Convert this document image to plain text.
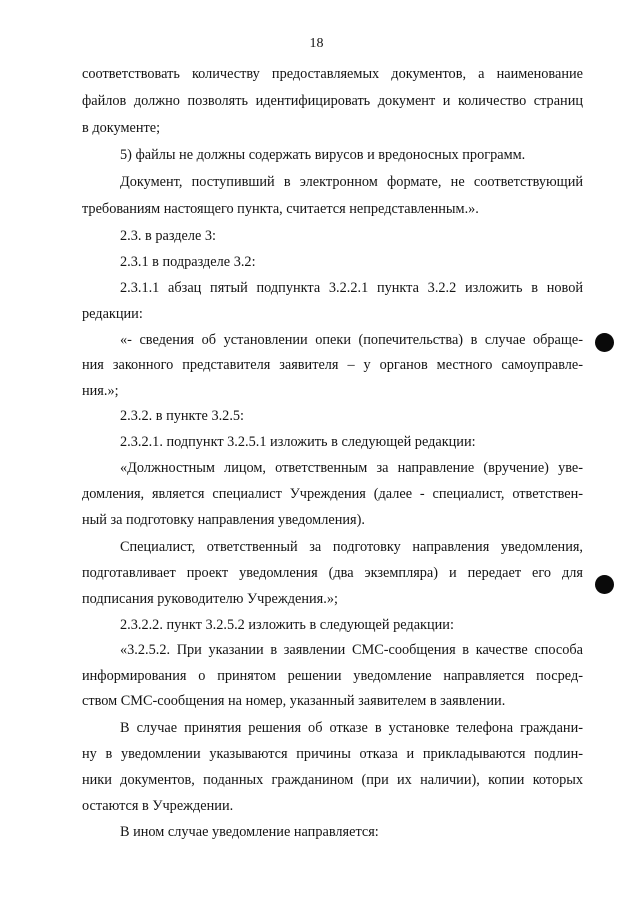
18
соответствовать количеству предоставляемых документов, а наименование
файлов должно позволять идентифицировать документ и количество страниц
в документе;
5) файлы не должны содержать вирусов и вредоносных программ.
Документ, поступивший в электронном формате, не соответствующий
требованиям настоящего пункта, считается непредставленным.».
2.3. в разделе 3:
2.3.1 в подразделе 3.2:
2.3.1.1 абзац пятый подпункта 3.2.2.1 пункта 3.2.2 изложить в новой
редакции:
«- сведения об установлении опеки (попечительства) в случае обраще-
ния законного представителя заявителя – у органов местного самоуправле-
ния.»;
2.3.2. в пункте 3.2.5:
2.3.2.1. подпункт 3.2.5.1 изложить в следующей редакции:
«Должностным лицом, ответственным за направление (вручение) уве-
домления, является специалист Учреждения (далее - специалист, ответствен-
ный за подготовку направления уведомления).
Специалист, ответственный за подготовку направления уведомления,
подготавливает проект уведомления (два экземпляра) и передает его для
подписания руководителю Учреждения.»;
2.3.2.2. пункт 3.2.5.2 изложить в следующей редакции:
«3.2.5.2. При указании в заявлении СМС-сообщения в качестве способа
информирования о принятом решении уведомление направляется посред-
ством СМС-сообщения на номер, указанный заявителем в заявлении.
В случае принятия решения об отказе в установке телефона граждани-
ну в уведомлении указываются причины отказа и прикладываются подлин-
ники документов, поданных гражданином (при их наличии), копии которых
остаются в Учреждении.
В ином случае уведомление направляется:
